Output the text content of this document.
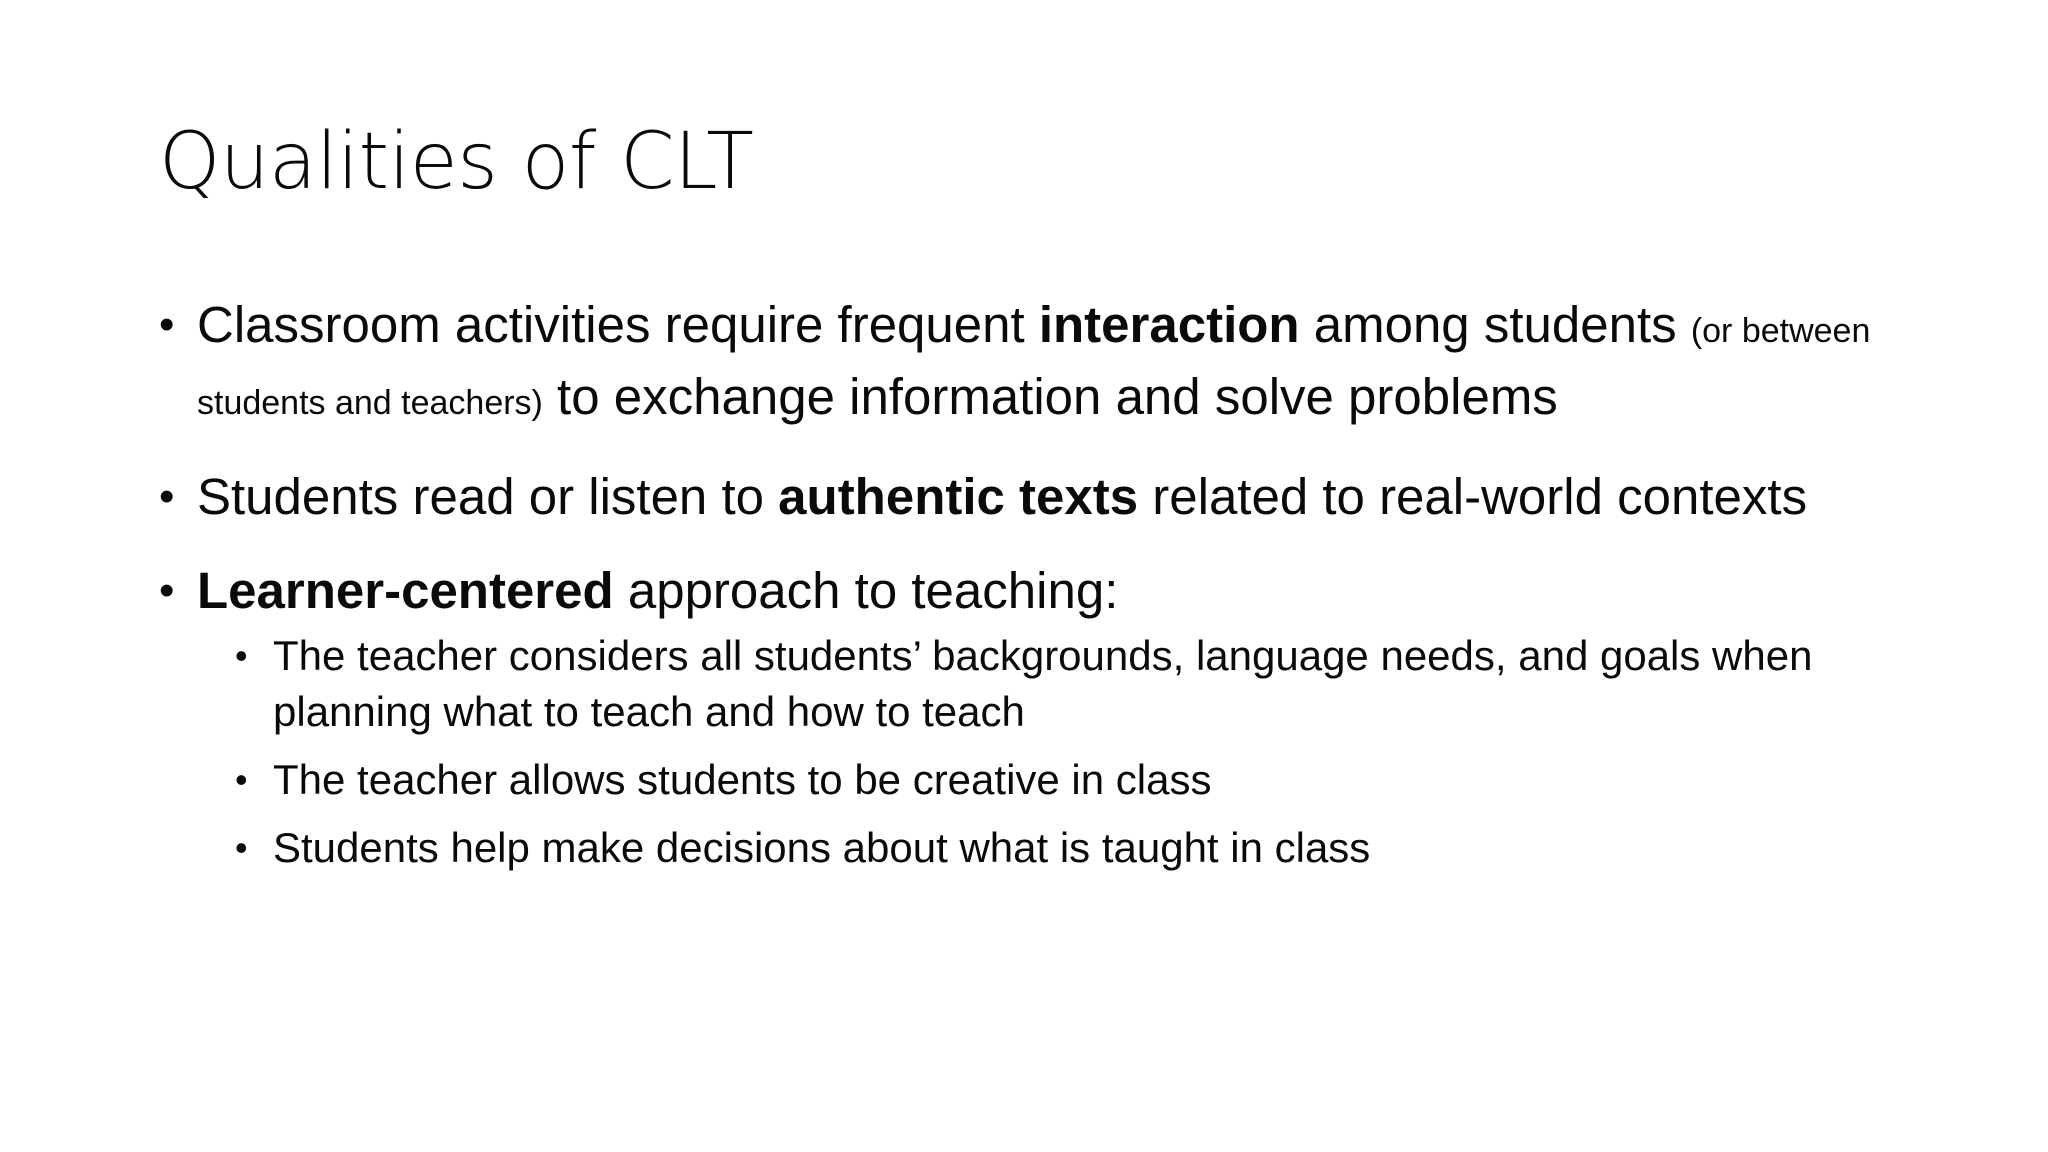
Qualities of CLT
• Classroom activities require frequent interaction among students (or between students and teachers) to exchange information and solve problems
• Students read or listen to authentic texts related to real-world contexts
• Learner-centered approach to teaching:
• The teacher considers all students’ backgrounds, language needs, and goals when planning what to teach and how to teach
• The teacher allows students to be creative in class
• Students help make decisions about what is taught in class
